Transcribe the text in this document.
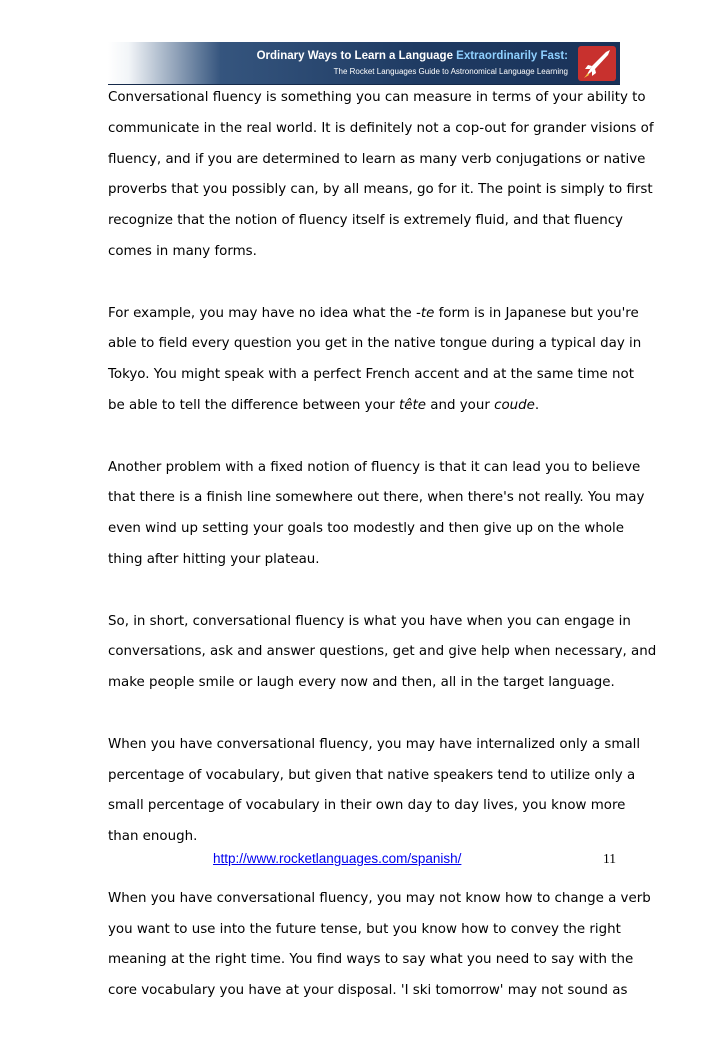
Ordinary Ways to Learn a Language Extraordinarily Fast:
The Rocket Languages Guide to Astronomical Language Learning

Conversational fluency is something you can measure in terms of your ability to
communicate in the real world. It is definitely not a cop-out for grander visions of
fluency, and if you are determined to learn as many verb conjugations or native
proverbs that you possibly can, by all means, go for it. The point is simply to first
recognize that the notion of fluency itself is extremely fluid, and that fluency
comes in many forms.

For example, you may have no idea what the -te form is in Japanese but you're
able to field every question you get in the native tongue during a typical day in
Tokyo. You might speak with a perfect French accent and at the same time not
be able to tell the difference between your tête and your coude.

Another problem with a fixed notion of fluency is that it can lead you to believe
that there is a finish line somewhere out there, when there's not really. You may
even wind up setting your goals too modestly and then give up on the whole
thing after hitting your plateau.

So, in short, conversational fluency is what you have when you can engage in
conversations, ask and answer questions, get and give help when necessary, and
make people smile or laugh every now and then, all in the target language.

When you have conversational fluency, you may have internalized only a small
percentage of vocabulary, but given that native speakers tend to utilize only a
small percentage of vocabulary in their own day to day lives, you know more
than enough.

When you have conversational fluency, you may not know how to change a verb
you want to use into the future tense, but you know how to convey the right
meaning at the right time. You find ways to say what you need to say with the
core vocabulary you have at your disposal. 'I ski tomorrow' may not sound as

http://www.rocketlanguages.com/spanish/	11
